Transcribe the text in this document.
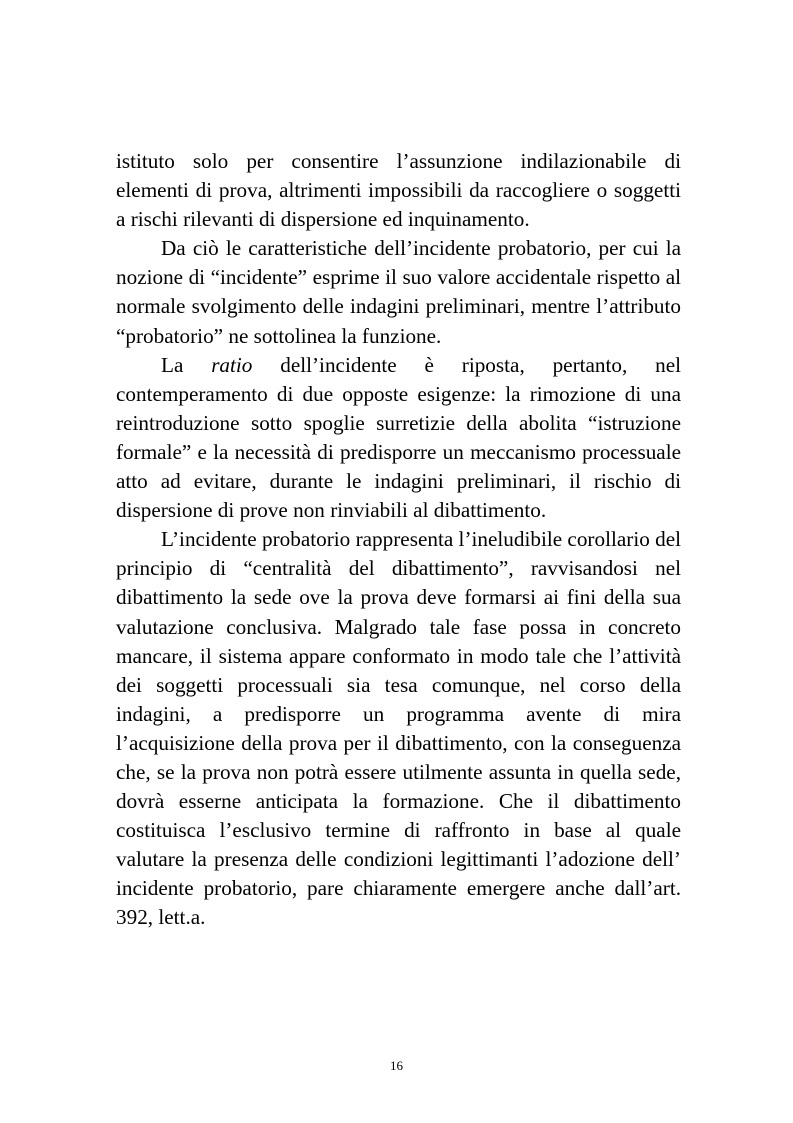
istituto solo per consentire l’assunzione indilazionabile di elementi di prova, altrimenti impossibili da raccogliere o soggetti a rischi rilevanti di dispersione ed inquinamento.

Da ciò le caratteristiche dell’incidente probatorio, per cui la nozione di “incidente” esprime il suo valore accidentale rispetto al normale svolgimento delle indagini preliminari, mentre l’attributo “probatorio” ne sottolinea la funzione.

La ratio dell’incidente è riposta, pertanto, nel contemperamento di due opposte esigenze: la rimozione di una reintroduzione sotto spoglie surretizie della abolita “istruzione formale” e la necessità di predisporre un meccanismo processuale atto ad evitare, durante le indagini preliminari, il rischio di dispersione di prove non rinviabili al dibattimento.

L’incidente probatorio rappresenta l’ineludibile corollario del principio di “centralità del dibattimento”, ravvisandosi nel dibattimento la sede ove la prova deve formarsi ai fini della sua valutazione conclusiva. Malgrado tale fase possa in concreto mancare, il sistema appare conformato in modo tale che l’attività dei soggetti processuali sia tesa comunque, nel corso della indagini, a predisporre un programma avente di mira l’acquisizione della prova per il dibattimento, con la conseguenza che, se la prova non potrà essere utilmente assunta in quella sede, dovrà esserne anticipata la formazione. Che il dibattimento costituisca l’esclusivo termine di raffronto in base al quale valutare la presenza delle condizioni legittimanti l’adozione dell’ incidente probatorio, pare chiaramente emergere anche dall’art. 392, lett.a.

16
